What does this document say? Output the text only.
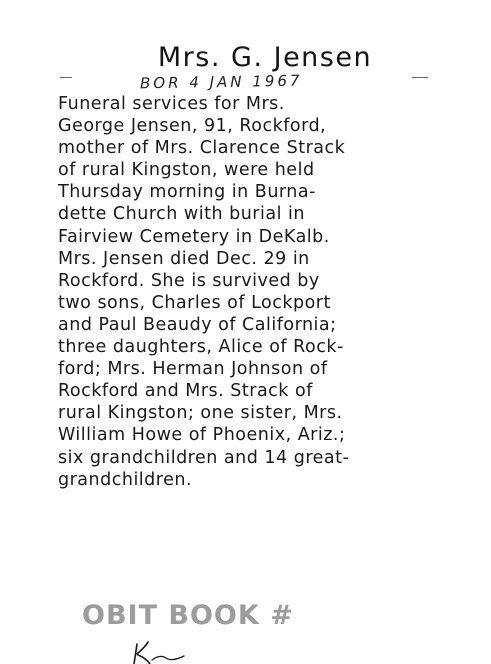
Mrs. G. Jensen
BOR 4 JAN 1967
Funeral services for Mrs.
George Jensen, 91, Rockford,
mother of Mrs. Clarence Strack
of rural Kingston, were held
Thursday morning in Burna-
dette Church with burial in
Fairview Cemetery in DeKalb.
Mrs. Jensen died Dec. 29 in
Rockford. She is survived by
two sons, Charles of Lockport
and Paul Beaudy of California;
three daughters, Alice of Rock-
ford; Mrs. Herman Johnson of
Rockford and Mrs. Strack of
rural Kingston; one sister, Mrs.
William Howe of Phoenix, Ariz.;
six grandchildren and 14 great-
grandchildren.
OBIT BOOK #
